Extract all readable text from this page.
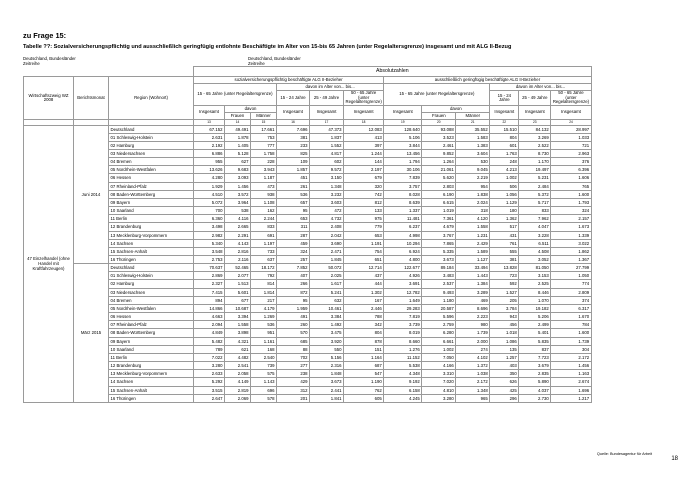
zu Frage 15:
Tabelle ??: Sozialversicherungspflichtig und ausschließlich geringfügig entlohnte Beschäftigte im Alter von 15-bis 65 Jahren (unter Regelaltersgrenze) insgesamt und mit ALG II-Bezug
Deutschland, Bundesländer
Zeitreihe
Deutschland, Bundesländer
Zeitreihe
			Absolutzahlen											
Wirtschaftszweig WZ 2008	Berichtsmonat	Region (Wohnort)	sozialversicherungspflichtig beschäftigte ALG II-Bezieher						ausschließlich geringfügig beschäftigte ALG II-Bezieher					
			15 - 65 Jahre (unter Regelaltersgrenze)			davon im Alter von... bis...			15 - 65 Jahre (unter Regelaltersgrenze)			davon im Alter von... bis...		
						15 - 24 Jahre	25 - 49 Jahre	50 - 65 Jahre (unter Regelaltersgrenze)				15 - 24 Jahre	25 - 49 Jahre	50 - 65 Jahre (unter Regelaltersgrenze)
			Insgesamt	davon		Insgesamt	Insgesamt	Insgesamt	Insgesamt	davon		Insgesamt	Insgesamt	Insgesamt
				Frauen	Männer					Frauen	Männer			
			13	14	15	16	17	18	19	20	21	22	23	24
47 Einzelhandel (ohne Handel mit Kraftfahrzeugen)	Juni 2014	Deutschland	67.152	49.491	17.661	7.696	47.373	12.083	128.640	93.088	35.552	15.510	84.132	28.997
		01 Schleswig-Holstein	2.631	1.878	753	381	1.837	413	5.106	3.523	1.583	804	3.269	1.033
		02 Hamburg	2.192	1.405	777	233	1.552	397	3.844	2.461	1.383	601	2.522	721
		03 Niedersachsen	6.886	5.128	1.758	825	4.817	1.244	13.456	9.852	3.604	1.763	8.730	2.963
		04 Bremen	955	627	228	109	602	144	1.794	1.264	530	248	1.170	376
		05 Nordrhein-Westfalen	13.626	9.683	3.943	1.857	9.572	2.197	30.106	21.061	9.045	4.213	19.497	6.396
		06 Hessen	4.280	3.093	1.187	451	3.150	679	7.839	5.620	2.219	1.002	5.231	1.606
		07 Rheinland-Pfalz	1.929	1.456	473	261	1.348	320	3.757	2.803	954	506	2.484	765
		08 Baden-Württemberg	4.510	3.572	938	536	3.232	742	8.028	6.190	1.838	1.056	5.372	1.600
		09 Bayern	5.072	3.964	1.108	657	3.603	812	8.639	6.615	2.024	1.129	5.717	1.793
		10 Saarland	700	538	162	95	472	133	1.337	1.019	318	180	833	324
		11 Berlin	6.360	4.116	2.244	653	4.732	975	11.481	7.361	4.120	1.362	7.962	2.157
		12 Brandenburg	3.498	2.665	833	311	2.408	779	6.237	4.679	1.558	517	4.047	1.673
		13 Mecklenburg-Vorpommern	2.982	2.291	691	287	2.042	653	4.998	3.767	1.231	431	3.228	1.339
		14 Sachsen	5.340	4.143	1.197	459	3.690	1.191	10.294	7.865	2.429	761	6.511	3.022
		15 Sachsen-Anhalt	3.548	2.816	733	324	2.471	754	6.924	5.335	1.589	555	4.508	1.862
		16 Thüringen	2.753	2.116	637	257	1.845	651	4.800	3.673	1.127	381	3.052	1.367
	März 2015	Deutschland	70.637	52.465	18.172	7.852	50.072	12.714	122.677	89.184	33.494	13.828	81.050	27.799
		01 Schleswig-Holstein	2.869	2.077	792	407	2.025	437	4.926	3.483	1.443	723	3.153	1.050
		02 Hamburg	2.327	1.513	814	266	1.617	444	3.691	2.537	1.384	592	2.525	774
		03 Niedersachsen	7.415	5.601	1.814	872	5.241	1.302	12.782	9.493	3.289	1.527	8.446	2.809
		04 Bremen	894	677	217	95	632	167	1.649	1.180	469	205	1.070	374
		05 Nordrhein-Westfalen	14.866	10.687	4.179	1.959	10.461	2.446	29.283	20.587	8.696	3.784	19.182	6.317
		06 Hessen	4.663	3.394	1.269	491	3.384	788	7.819	5.596	2.223	943	5.206	1.670
		07 Rheinland-Pfalz	2.094	1.558	536	260	1.492	342	3.739	2.759	980	456	2.499	784
		08 Baden-Württemberg	4.849	3.898	951	570	3.475	804	8.019	6.280	1.739	1.018	5.401	1.600
		09 Bayern	5.482	4.321	1.161	685	3.920	878	8.660	6.661	2.000	1.086	5.835	1.739
		10 Saarland	789	621	168	88	550	151	1.276	1.002	274	135	837	304
		11 Berlin	7.022	4.482	2.540	702	5.156	1.164	11.152	7.050	4.102	1.257	7.723	2.172
		12 Brandenburg	3.280	2.541	739	277	2.316	687	5.538	4.166	1.372	403	3.679	1.456
		13 Mecklenburg-Vorpommern	2.633	2.058	575	238	1.848	547	4.348	3.310	1.038	350	2.835	1.163
		14 Sachsen	5.292	4.149	1.143	429	3.673	1.190	9.192	7.020	2.172	626	5.890	2.674
		15 Sachsen-Anhalt	3.515	2.819	696	312	2.441	762	6.158	4.810	1.348	425	4.037	1.696
		16 Thüringen	2.647	2.069	578	201	1.841	605	4.245	3.280	965	296	2.730	1.217
Quelle: Bundesagentur für Arbeit
18
